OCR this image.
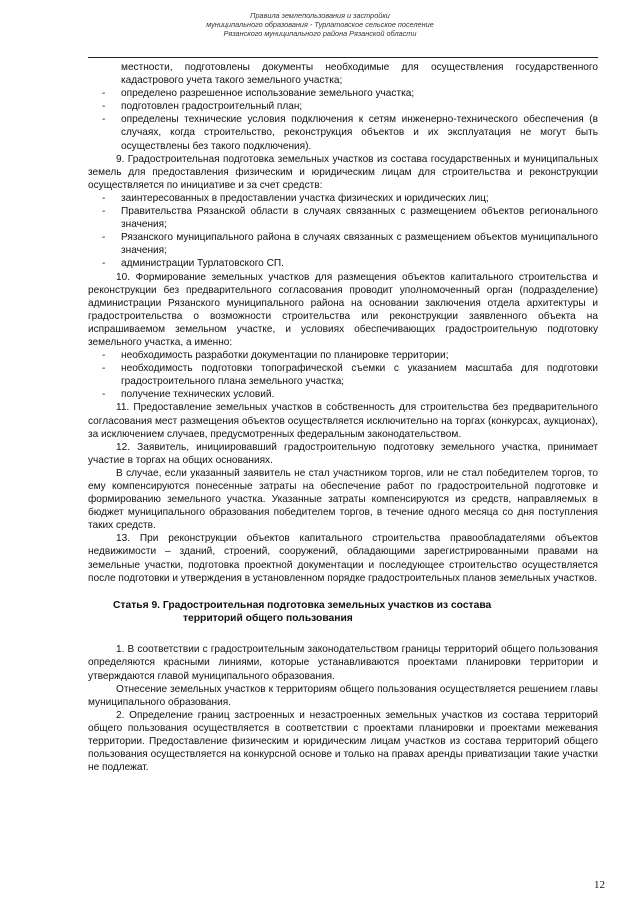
Правила землепользования и застройки
муниципального образования - Турлатовское сельское поселение
Рязанского муниципального района Рязанской области

местности, подготовлены документы необходимые для осуществления государственного кадастрового учета такого земельного участка;

- определено разрешенное использование земельного участка;
- подготовлен градостроительный план;
- определены технические условия подключения к сетям инженерно-технического обеспечения (в случаях, когда строительство, реконструкция объектов и их эксплуатация не могут быть осуществлены без такого подключения).

9. Градостроительная подготовка земельных участков из состава государственных и муниципальных земель для предоставления физическим и юридическим лицам для строительства и реконструкции осуществляется по инициативе и за счет средств:

- заинтересованных в предоставлении участка физических и юридических лиц;
- Правительства Рязанской области в случаях связанных с размещением объектов регионального значения;
- Рязанского муниципального района в случаях связанных с размещением объектов муниципального значения;
- администрации Турлатовского СП.

10. Формирование земельных участков для размещения объектов капитального строительства и реконструкции без предварительного согласования проводит уполномоченный орган (подразделение) администрации Рязанского муниципального района на основании заключения отдела архитектуры и градостроительства о возможности строительства или реконструкции заявленного объекта на испрашиваемом земельном участке, и условиях обеспечивающих градостроительную подготовку земельного участка, а именно:

- необходимость разработки документации по планировке территории;
- необходимость подготовки топографической съемки с указанием масштаба для подготовки градостроительного плана земельного участка;
- получение технических условий.

11. Предоставление земельных участков в собственность для строительства без предварительного согласования мест размещения объектов осуществляется исключительно на торгах (конкурсах, аукционах), за исключением случаев, предусмотренных федеральным законодательством.

12. Заявитель, инициировавший градостроительную подготовку земельного участка, принимает участие в торгах на общих основаниях.

В случае, если указанный заявитель не стал участником торгов, или не стал победителем торгов, то ему компенсируются понесенные затраты на обеспечение работ по градостроительной подготовке и формированию земельного участка. Указанные затраты компенсируются из средств, направляемых в бюджет муниципального образования победителем торгов, в течение одного месяца со дня поступления таких средств.

13. При реконструкции объектов капитального строительства правообладателями объектов недвижимости – зданий, строений, сооружений, обладающими зарегистрированными правами на земельные участки, подготовка проектной документации и последующее строительство осуществляется после подготовки и утверждения в установленном порядке градостроительных планов земельных участков.

Статья 9. Градостроительная подготовка земельных участков из состава
территорий общего пользования

1. В соответствии с градостроительным законодательством границы территорий общего пользования определяются красными линиями, которые устанавливаются проектами планировки территории и утверждаются главой муниципального образования.

Отнесение земельных участков к территориям общего пользования осуществляется решением главы муниципального образования.

2. Определение границ застроенных и незастроенных земельных участков из состава территорий общего пользования осуществляется в соответствии с проектами планировки и проектами межевания территории. Предоставление физическим и юридическим лицам участков из состава территорий общего пользования осуществляется на конкурсной основе и только на правах аренды приватизации такие участки не подлежат.

12
